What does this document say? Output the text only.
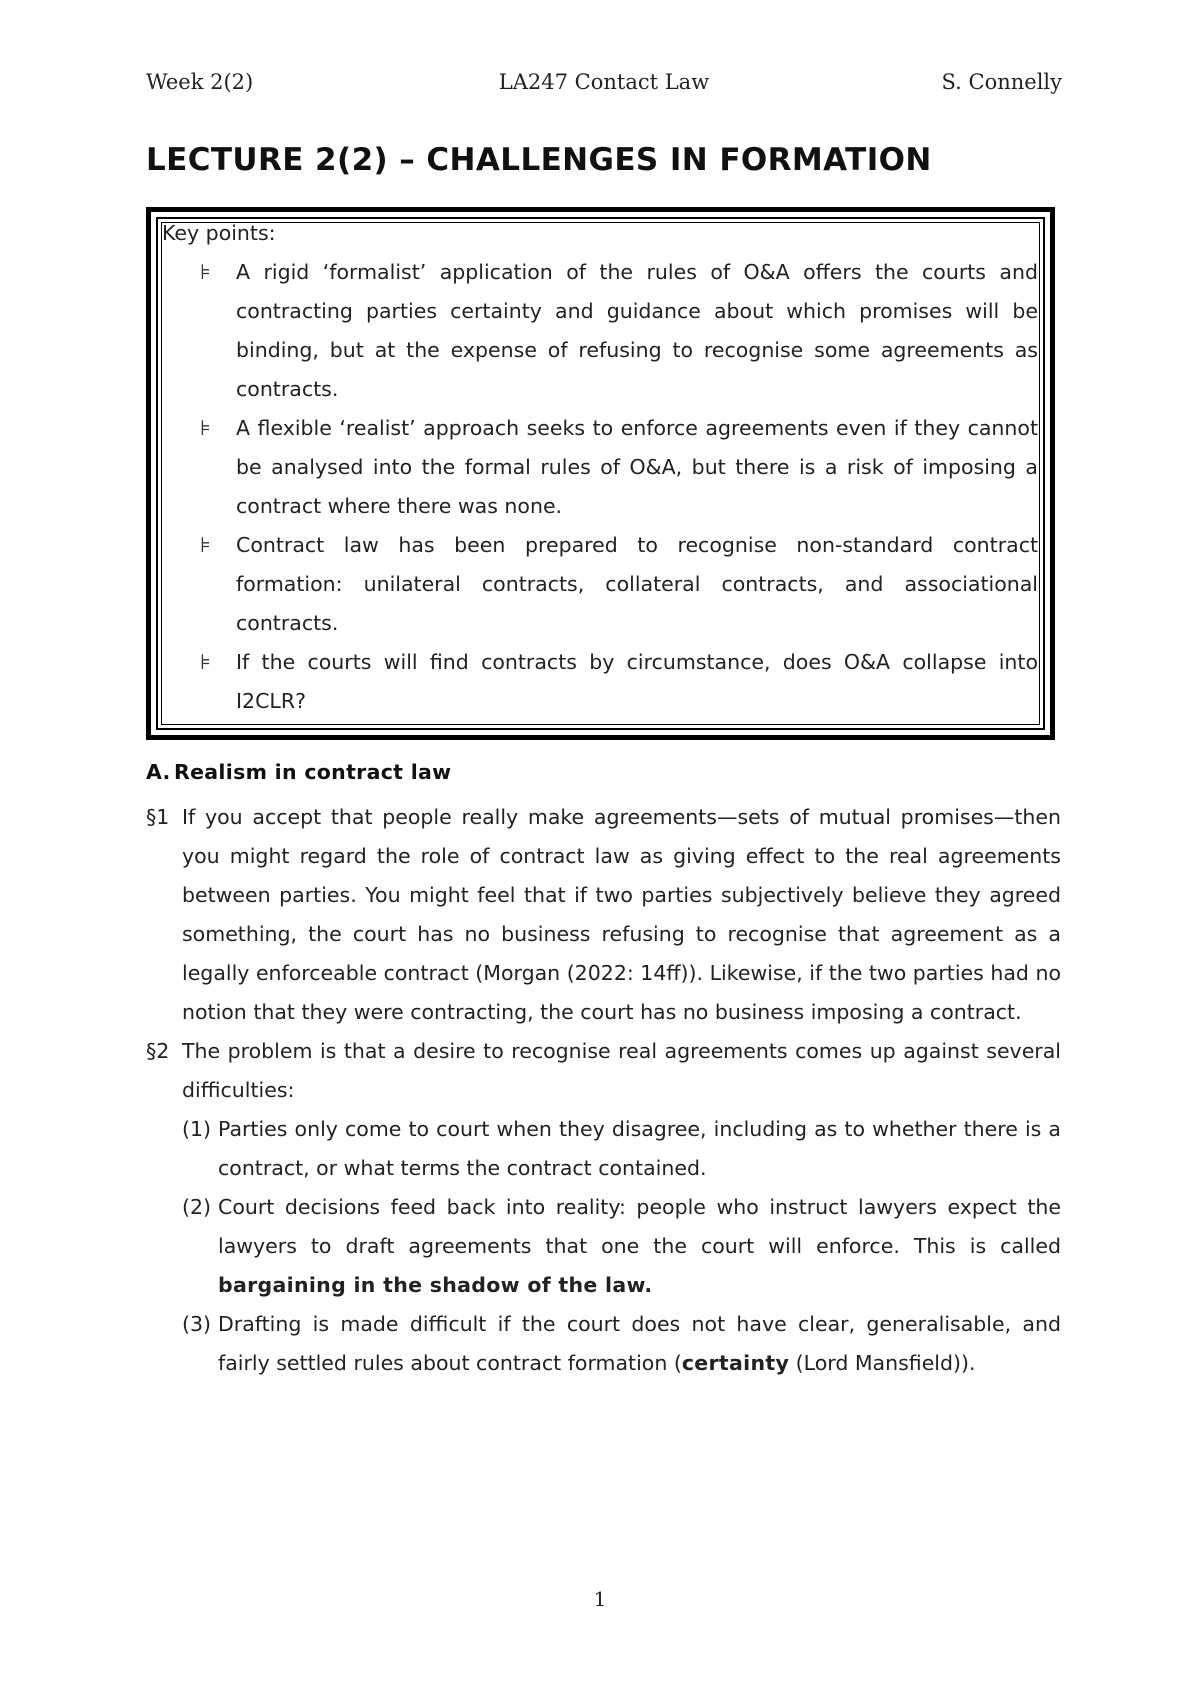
Week 2(2)	LA247 Contact Law	S. Connelly
LECTURE 2(2) – CHALLENGES IN FORMATION
Key points:
⊧ A rigid ‘formalist’ application of the rules of O&A offers the courts and contracting parties certainty and guidance about which promises will be binding, but at the expense of refusing to recognise some agreements as contracts.
⊧ A flexible ‘realist’ approach seeks to enforce agreements even if they cannot be analysed into the formal rules of O&A, but there is a risk of imposing a contract where there was none.
⊧ Contract law has been prepared to recognise non-standard contract formation: unilateral contracts, collateral contracts, and associational contracts.
⊧ If the courts will find contracts by circumstance, does O&A collapse into I2CLR?
A. Realism in contract law
§1 If you accept that people really make agreements—sets of mutual promises—then you might regard the role of contract law as giving effect to the real agreements between parties. You might feel that if two parties subjectively believe they agreed something, the court has no business refusing to recognise that agreement as a legally enforceable contract (Morgan (2022: 14ff)). Likewise, if the two parties had no notion that they were contracting, the court has no business imposing a contract.
§2 The problem is that a desire to recognise real agreements comes up against several difficulties:
(1) Parties only come to court when they disagree, including as to whether there is a contract, or what terms the contract contained.
(2) Court decisions feed back into reality: people who instruct lawyers expect the lawyers to draft agreements that one the court will enforce. This is called bargaining in the shadow of the law.
(3) Drafting is made difficult if the court does not have clear, generalisable, and fairly settled rules about contract formation (certainty (Lord Mansfield)).
1
